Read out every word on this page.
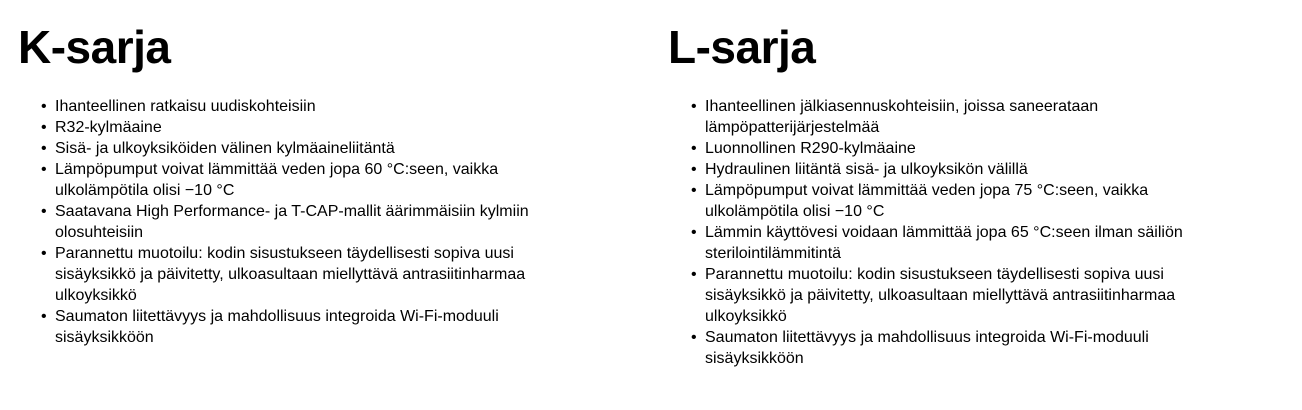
K-sarja
• Ihanteellinen ratkaisu uudiskohteisiin
• R32-kylmäaine
• Sisä- ja ulkoyksiköiden välinen kylmäaineliitäntä
• Lämpöpumput voivat lämmittää veden jopa 60 °C:seen, vaikka ulkolämpötila olisi −10 °C
• Saatavana High Performance- ja T-CAP-mallit äärimmäisiin kylmiin olosuhteisiin
• Parannettu muotoilu: kodin sisustukseen täydellisesti sopiva uusi sisäyksikkö ja päivitetty, ulkoasultaan miellyttävä antrasiitinharmaa ulkoyksikkö
• Saumaton liitettävyys ja mahdollisuus integroida Wi-Fi-moduuli sisäyksikköön
L-sarja
• Ihanteellinen jälkiasennuskohteisiin, joissa saneerataan lämpöpatterijärjestelmää
• Luonnollinen R290-kylmäaine
• Hydraulinen liitäntä sisä- ja ulkoyksikön välillä
• Lämpöpumput voivat lämmittää veden jopa 75 °C:seen, vaikka ulkolämpötila olisi −10 °C
• Lämmin käyttövesi voidaan lämmittää jopa 65 °C:seen ilman säiliön sterilointilämmitintä
• Parannettu muotoilu: kodin sisustukseen täydellisesti sopiva uusi sisäyksikkö ja päivitetty, ulkoasultaan miellyttävä antrasiitinharmaa ulkoyksikkö
• Saumaton liitettävyys ja mahdollisuus integroida Wi-Fi-moduuli sisäyksikköön
